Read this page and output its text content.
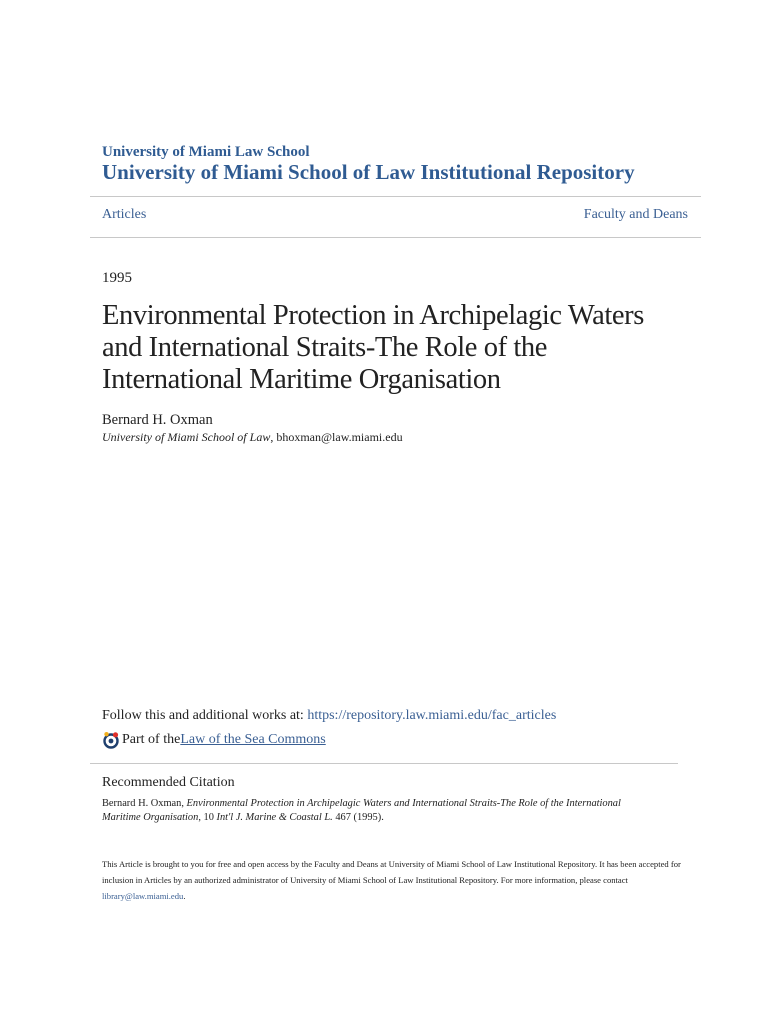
University of Miami Law School
University of Miami School of Law Institutional Repository
Articles	Faculty and Deans
1995
Environmental Protection in Archipelagic Waters and International Straits-The Role of the International Maritime Organisation
Bernard H. Oxman
University of Miami School of Law, bhoxman@law.miami.edu
Follow this and additional works at: https://repository.law.miami.edu/fac_articles
Part of the Law of the Sea Commons
Recommended Citation
Bernard H. Oxman, Environmental Protection in Archipelagic Waters and International Straits-The Role of the International Maritime Organisation, 10 Int'l J. Marine & Coastal L. 467 (1995).
This Article is brought to you for free and open access by the Faculty and Deans at University of Miami School of Law Institutional Repository. It has been accepted for inclusion in Articles by an authorized administrator of University of Miami School of Law Institutional Repository. For more information, please contact library@law.miami.edu.
